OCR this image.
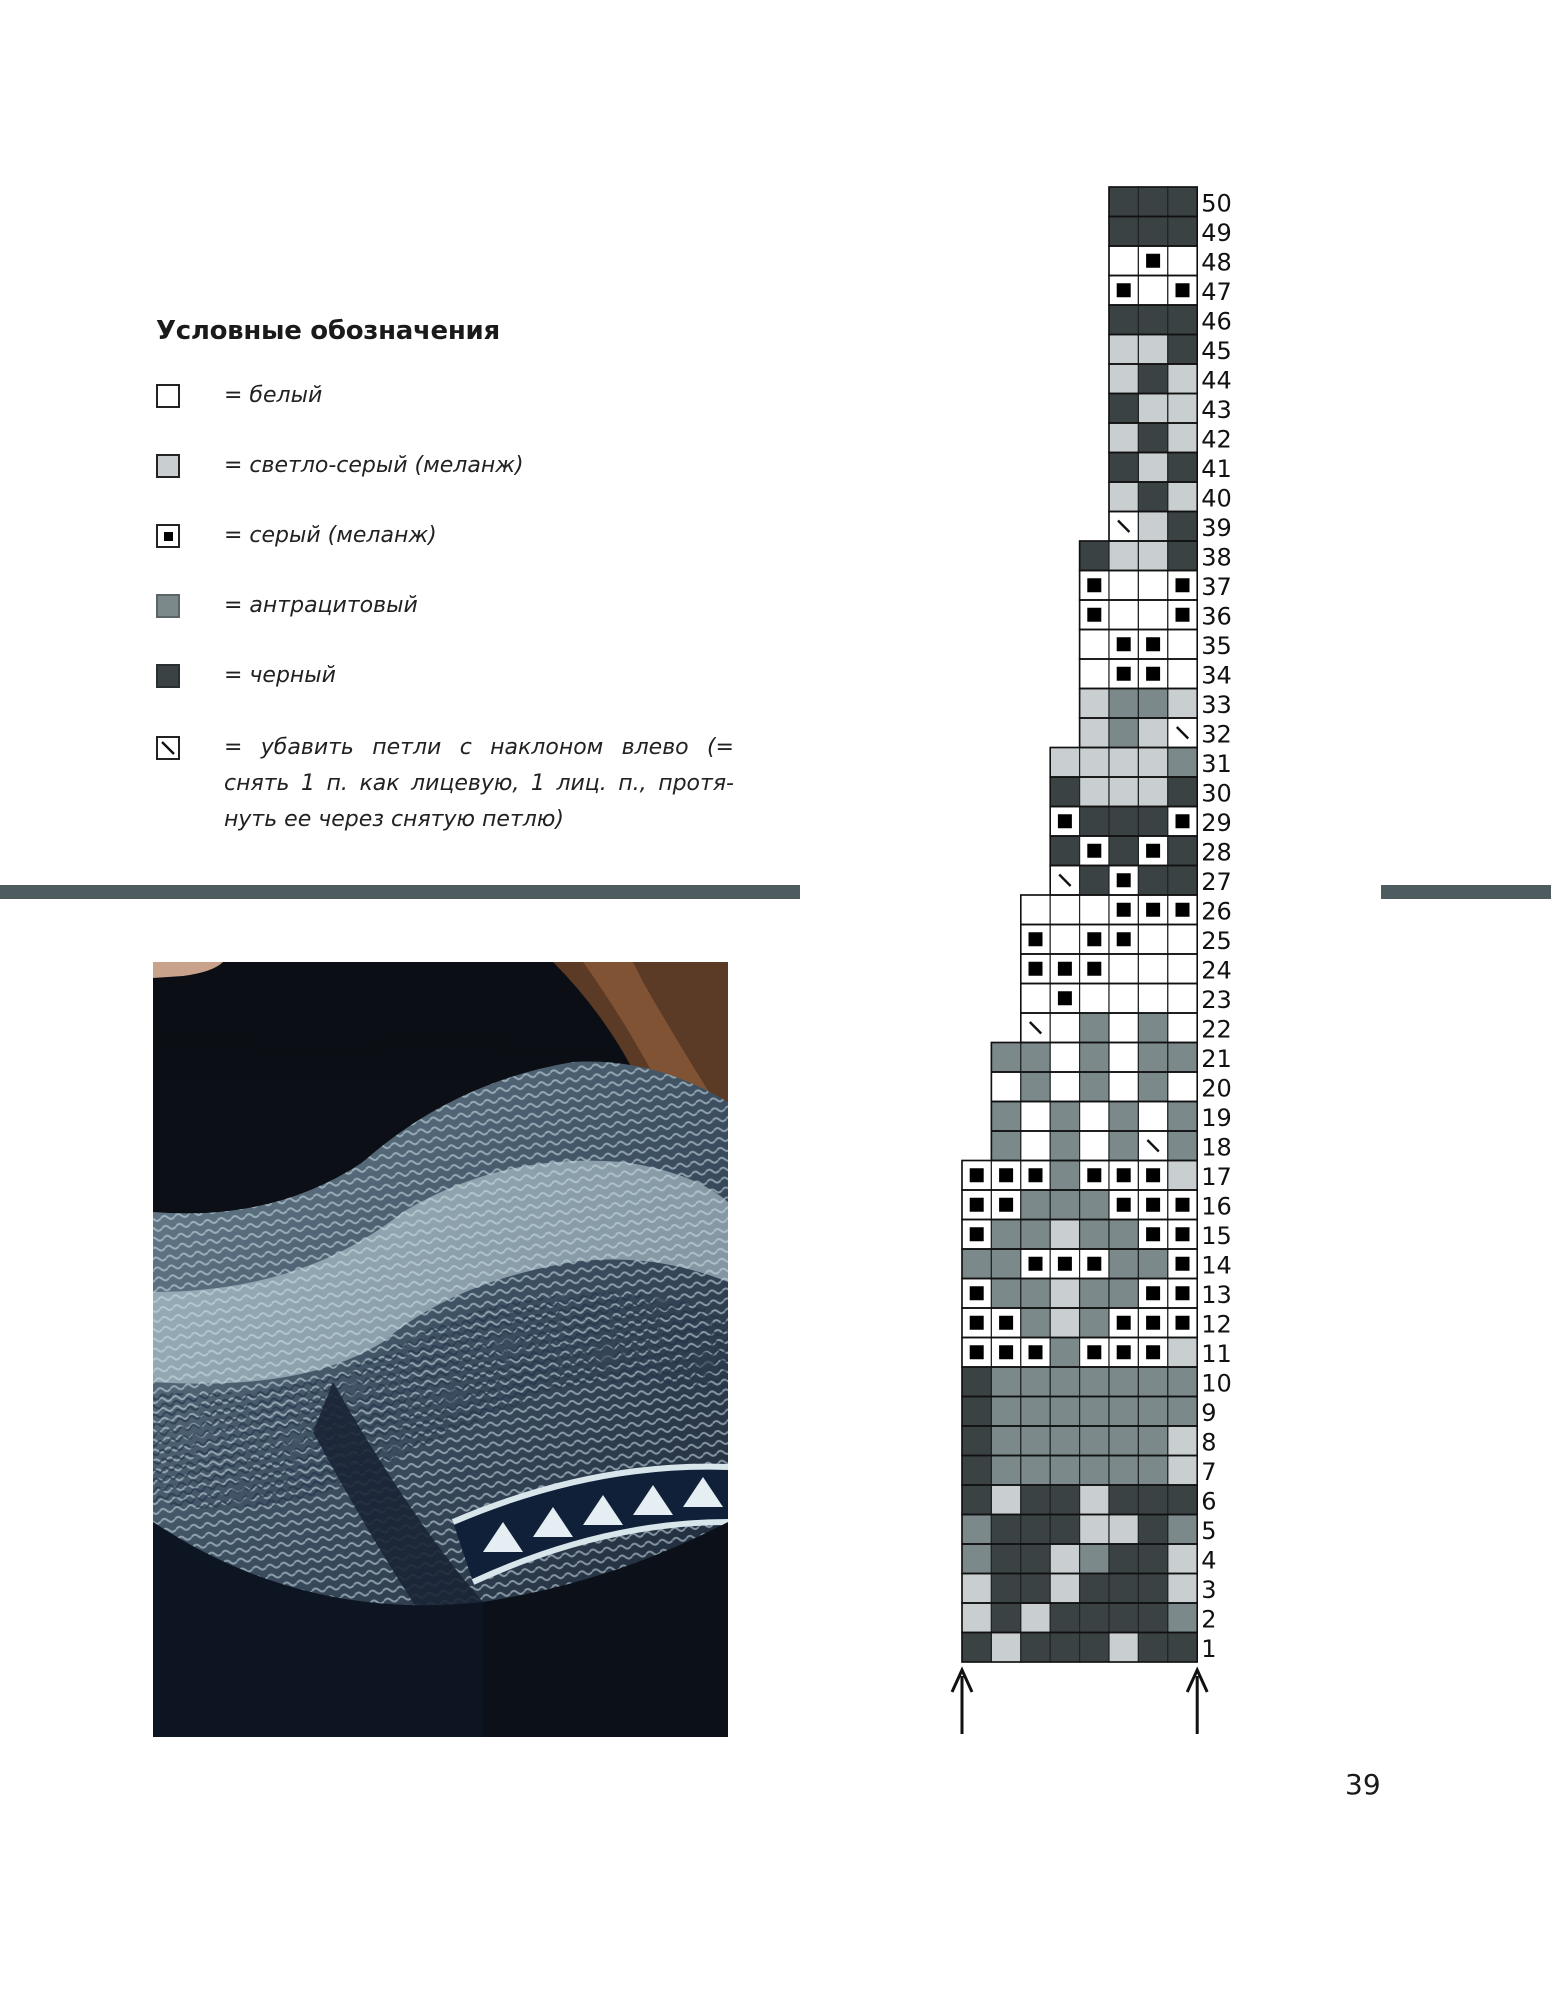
Условные обозначения
= белый
= светло-серый (меланж)
= серый (меланж)
= антрацитовый
= черный
= убавить петли с наклоном влево (= снять 1 п. как лицевую, 1 лиц. п., протя-нуть ее через снятую петлю)
1
2
3
4
5
6
7
8
9
10
11
12
13
14
15
16
17
18
19
20
21
22
23
24
25
26
27
28
29
30
31
32
33
34
35
36
37
38
39
40
41
42
43
44
45
46
47
48
49
50
39
